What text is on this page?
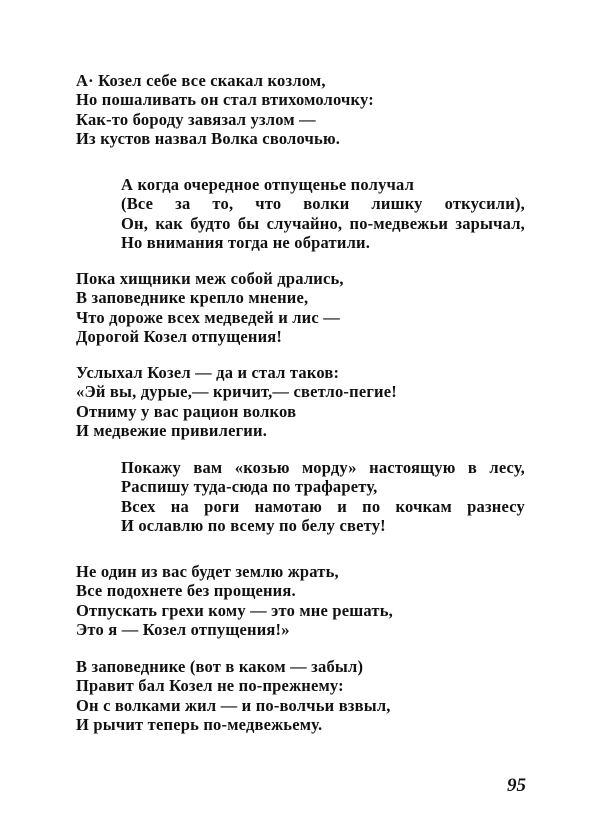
А· Козел себе все скакал козлом,
Но пошаливать он стал втихомолочку:
Как-то бороду завязал узлом —
Из кустов назвал Волка сволочью.
А когда очередное отпущенье получал
(Все за то, что волки лишку откусили),
Он, как будто бы случайно, по-медвежьи зарычал,
Но внимания тогда не обратили.
Пока хищники меж собой дрались,
В заповеднике крепло мнение,
Что дороже всех медведей и лис —
Дорогой Козел отпущения!
Услыхал Козел — да и стал таков:
«Эй вы, дурые,— кричит,— светло-пегие!
Отниму у вас рацион волков
И медвежие привилегии.
Покажу вам «козью морду» настоящую в лесу,
Распишу туда-сюда по трафарету,
Всех на роги намотаю и по кочкам разнесу
И ославлю по всему по белу свету!
Не один из вас будет землю жрать,
Все подохнете без прощения.
Отпускать грехи кому — это мне решать,
Это я — Козел отпущения!»
В заповеднике (вот в каком — забыл)
Правит бал Козел не по-прежнему:
Он с волками жил — и по-волчьи взвыл,
И рычит теперь по-медвежьему.
95
